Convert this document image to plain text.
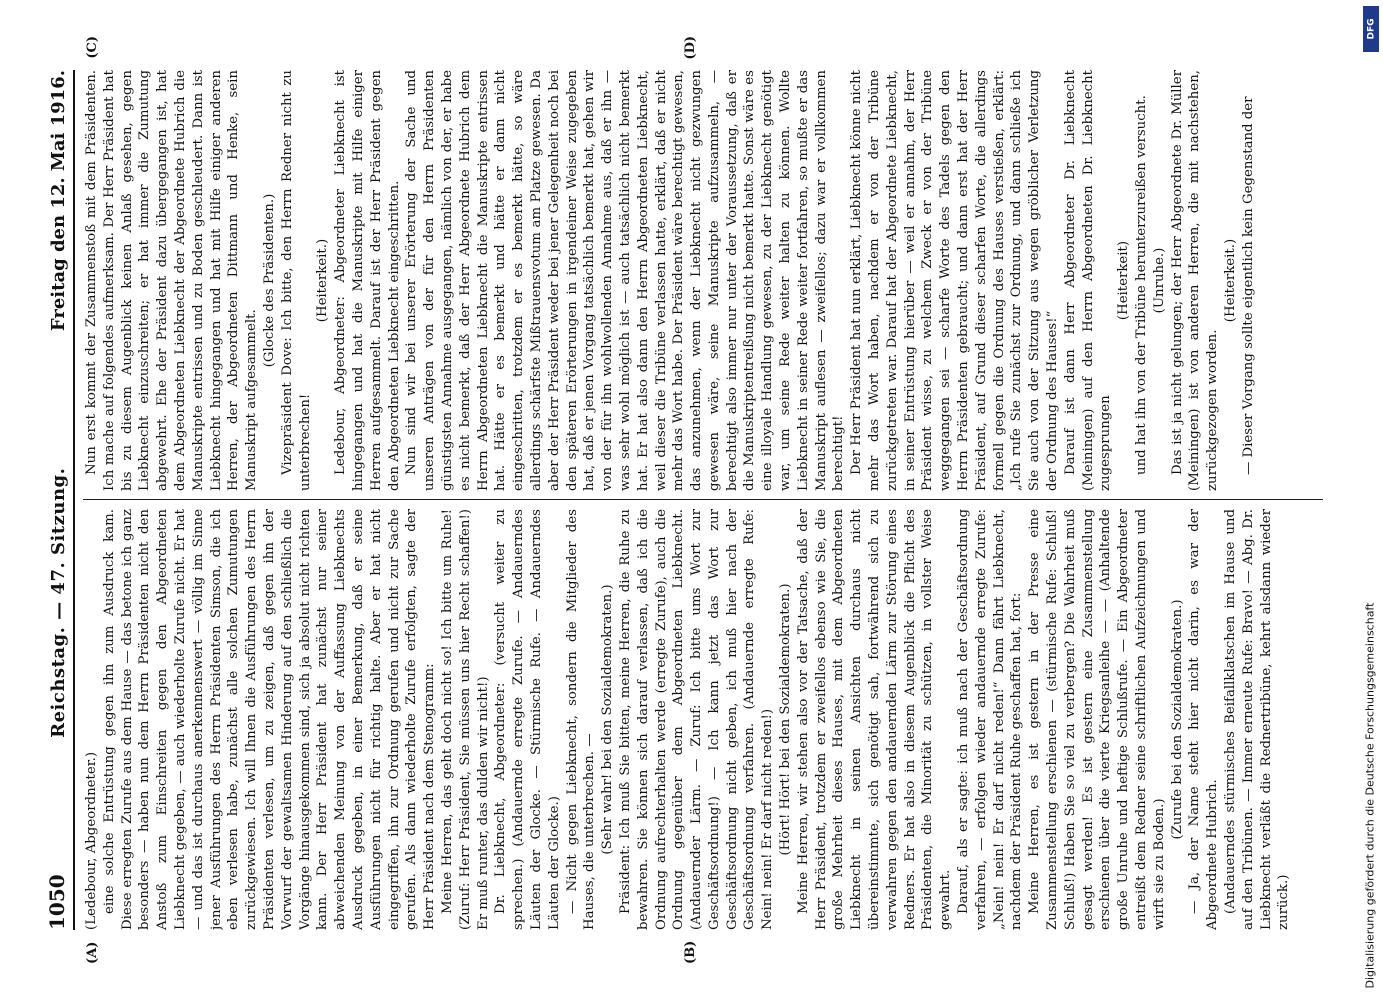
1050
Reichstag. — 47. Sitzung.
Freitag den 12. Mai 1916.
(A)	(B)
(C)	(D)

(Ledebour, Abgeordneter.) eine solche Entrüstung gegen ihn zum Ausdruck kam. Diese erregten Zurufe aus dem Hause — das betone ich ganz besonders — haben nun dem Herrn Präsidenten nicht den Anstoß zum Einschreiten gegen den Abgeordneten Liebknecht gegeben, — auch wiederholte Zurufe nicht. Er hat — und das ist durchaus anerkennenswert — völlig im Sinne jener Ausführungen des Herrn Präsidenten Simson, die ich eben verlesen habe, zunächst alle solchen Zumutungen zurückgewiesen. Ich will Ihnen die Ausführungen des Herrn Präsidenten verlesen, um zu zeigen, daß gegen ihn der Vorwurf der gewaltsamen Hinderung auf den schließlich die Vorgänge hinausgekommen sind, sich ja absolut nicht richten kann. Der Herr Präsident hat zunächst nur seiner abweichenden Meinung von der Auffassung Liebknechts Ausdruck gegeben, in einer Bemerkung, daß er seine Ausführungen nicht für richtig halte. Aber er hat nicht eingegriffen, ihn zur Ordnung gerufen und nicht zur Sache gerufen. Als dann wiederholte Zurufe erfolgten, sagte der Herr Präsident nach dem Stenogramm: Meine Herren, das geht doch nicht so! Ich bitte um Ruhe! (Zuruf: Herr Präsident, Sie müssen uns hier Recht schaffen!) Er muß runter, das dulden wir nicht!) Dr. Liebknecht, Abgeordneter: (versucht weiter zu sprechen.) (Andauernde erregte Zurufe. — Andauerndes Läuten der Glocke. — Stürmische Rufe. — Andauerndes Läuten der Glocke.) — Nicht gegen Liebknecht, sondern die Mitglieder des Hauses, die unterbrechen. — (Sehr wahr! bei den Sozialdemokraten.) Präsident: Ich muß Sie bitten, meine Herren, die Ruhe zu bewahren. Sie können sich darauf verlassen, daß ich die Ordnung aufrechterhalten werde (erregte Zurufe), auch die Ordnung gegenüber dem Abgeordneten Liebknecht. (Andauernder Lärm. — Zuruf: Ich bitte ums Wort zur Geschäftsordnung!) — Ich kann jetzt das Wort zur Geschäftsordnung nicht geben, ich muß hier nach der Geschäftsordnung verfahren. (Andauernde erregte Rufe: Nein! nein! Er darf nicht reden!) (Hört! Hört! bei den Sozialdemokraten.) Meine Herren, wir stehen also vor der Tatsache, daß der Herr Präsident, trotzdem er zweifellos ebenso wie Sie, die große Mehrheit dieses Hauses, mit dem Abgeordneten Liebknecht in seinen Ansichten durchaus nicht übereinstimmte, sich genötigt sah, fortwährend sich zu verwahren gegen den andauernden Lärm zur Störung eines Redners. Er hat also in diesem Augenblick die Pflicht des Präsidenten, die Minorität zu schützen, in vollster Weise gewahrt. Darauf, als er sagte: ich muß nach der Geschäftsordnung verfahren, — erfolgen wieder andauernde erregte Zurufe: „Nein! nein! Er darf nicht reden!“ Dann fährt Liebknecht, nachdem der Präsident Ruhe geschaffen hat, fort: Meine Herren, es ist gestern in der Presse eine Zusammenstellung erschienen — (stürmische Rufe: Schluß! Schluß!) Haben Sie so viel zu verbergen? Die Wahrheit muß gesagt werden! Es ist gestern eine Zusammenstellung erschienen über die vierte Kriegsanleihe — — (Anhaltende große Unruhe und heftige Schlußrufe. — Ein Abgeordneter entreißt dem Redner seine schriftlichen Aufzeichnungen und wirft sie zu Boden.)

(Zurufe bei den Sozialdemokraten.) — Ja, der Name steht hier nicht darin, es war der Abgeordnete Hubrich. (Andauerndes stürmisches Beifallklatschen im Hause und auf den Tribünen. — Immer erneute Rufe: Bravo! — Abg. Dr. Liebknecht verläßt die Rednertribüne, kehrt alsdann wieder zurück.)

Nun erst kommt der Zusammenstoß mit dem Präsidenten. Ich mache auf folgendes aufmerksam. Der Herr Präsident hat bis zu diesem Augenblick keinen Anlaß gesehen, gegen Liebknecht einzuschreiten; er hat immer die Zumutung abgewehrt. Ehe der Präsident dazu übergegangen ist, hat dem Abgeordneten Liebknecht der Abgeordnete Hubrich die Manuskripte entrissen und zu Boden geschleudert. Dann ist Liebknecht hingegangen und hat mit Hilfe einiger anderen Herren, der Abgeordneten Dittmann und Henke, sein Manuskript aufgesammelt.

(Glocke des Präsidenten.) Vizepräsident Dove: Ich bitte, den Herrn Redner nicht zu unterbrechen!

(Heiterkeit.) Ledebour, Abgeordneter: Abgeordneter Liebknecht ist hingegangen und hat die Manuskripte mit Hilfe einiger Herren aufgesammelt. Darauf ist der Herr Präsident gegen den Abgeordneten Liebknecht eingeschritten. Nun sind wir bei unserer Erörterung der Sache und unseren Anträgen von der für den Herrn Präsidenten günstigsten Annahme ausgegangen, nämlich von der, er habe es nicht bemerkt, daß der Herr Abgeordnete Hubrich dem Herrn Abgeordneten Liebknecht die Manuskripte entrissen hat. Hätte er es bemerkt und hätte er dann nicht eingeschritten, trotzdem er es bemerkt hätte, so wäre allerdings schärfste Mißtrauensvotum am Platze gewesen. Da aber der Herr Präsident weder bei jener Gelegenheit noch bei den späteren Erörterungen in irgendeiner Weise zugegeben hat, daß er jenen Vorgang tatsächlich bemerkt hat, gehen wir von der für ihn wohlwollenden Annahme aus, daß er ihn — was sehr wohl möglich ist — auch tatsächlich nicht bemerkt hat. Er hat also dann den Herrn Abgeordneten Liebknecht, weil dieser die Tribüne verlassen hatte, erklärt, daß er nicht mehr das Wort habe. Der Präsident wäre berechtigt gewesen, das anzunehmen, wenn der Liebknecht nicht gezwungen gewesen wäre, seine Manuskripte aufzusammeln, — berechtigt also immer nur unter der Voraussetzung, daß er die Manuskriptentreißung nicht bemerkt hatte. Sonst wäre es eine illoyale Handlung gewesen, zu der Liebknecht genötigt war, um seine Rede weiter halten zu können. Wollte Liebknecht in seiner Rede weiter fortfahren, so mußte er das Manuskript auflesen — zweifellos; dazu war er vollkommen berechtigt! Der Herr Präsident hat nun erklärt, Liebknecht könne nicht mehr das Wort haben, nachdem er von der Tribüne zurückgetreten war. Darauf hat der Abgeordnete Liebknecht, in seiner Entrüstung hierüber — weil er annahm, der Herr Präsident wisse, zu welchem Zweck er von der Tribüne weggegangen sei — scharfe Worte des Tadels gegen den Herrn Präsidenten gebraucht; und dann erst hat der Herr Präsident, auf Grund dieser scharfen Worte, die allerdings formell gegen die Ordnung des Hauses verstießen, erklärt: „Ich rufe Sie zunächst zur Ordnung, und dann schließe ich Sie auch von der Sitzung aus wegen gröblicher Verletzung der Ordnung des Hauses!“ Darauf ist dann Herr Abgeordneter Dr. Liebknecht (Meiningen) auf den Herrn Abgeordneten Dr. Liebknecht zugesprungen

(Heiterkeit) und hat ihn von der Tribüne herunterzureißen versucht. (Unruhe.) Das ist ja nicht gelungen; der Herr Abgeordnete Dr. Müller (Meiningen) ist von anderen Herren, die mit nachstehen, zurückgezogen worden.

(Heiterkeit.) — Dieser Vorgang sollte eigentlich kein Gegenstand der

Digitalisierung gefördert durch die Deutsche Forschungsgemeinschaft
DFG
